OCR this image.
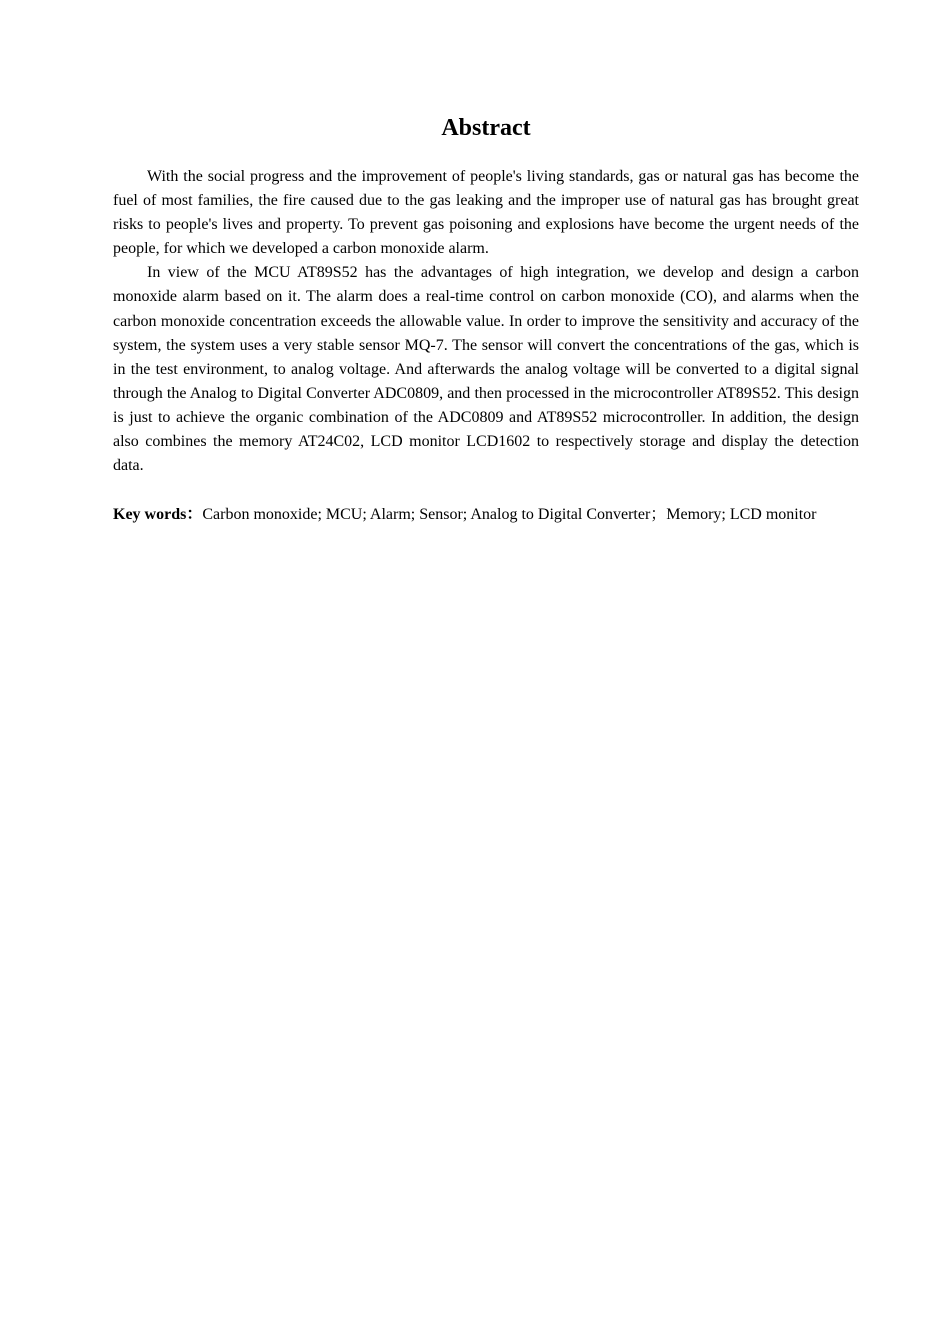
Abstract

With the social progress and the improvement of people's living standards, gas or natural gas has become the fuel of most families, the fire caused due to the gas leaking and the improper use of natural gas has brought great risks to people's lives and property. To prevent gas poisoning and explosions have become the urgent needs of the people, for which we developed a carbon monoxide alarm.

In view of the MCU AT89S52 has the advantages of high integration, we develop and design a carbon monoxide alarm based on it. The alarm does a real-time control on carbon monoxide (CO), and alarms when the carbon monoxide concentration exceeds the allowable value. In order to improve the sensitivity and accuracy of the system, the system uses a very stable sensor MQ-7. The sensor will convert the concentrations of the gas, which is in the test environment, to analog voltage. And afterwards the analog voltage will be converted to a digital signal through the Analog to Digital Converter ADC0809, and then processed in the microcontroller AT89S52. This design is just to achieve the organic combination of the ADC0809 and AT89S52 microcontroller. In addition, the design also combines the memory AT24C02, LCD monitor LCD1602 to respectively storage and display the detection data.

Key words：Carbon monoxide; MCU; Alarm; Sensor; Analog to Digital Converter；Memory; LCD monitor
